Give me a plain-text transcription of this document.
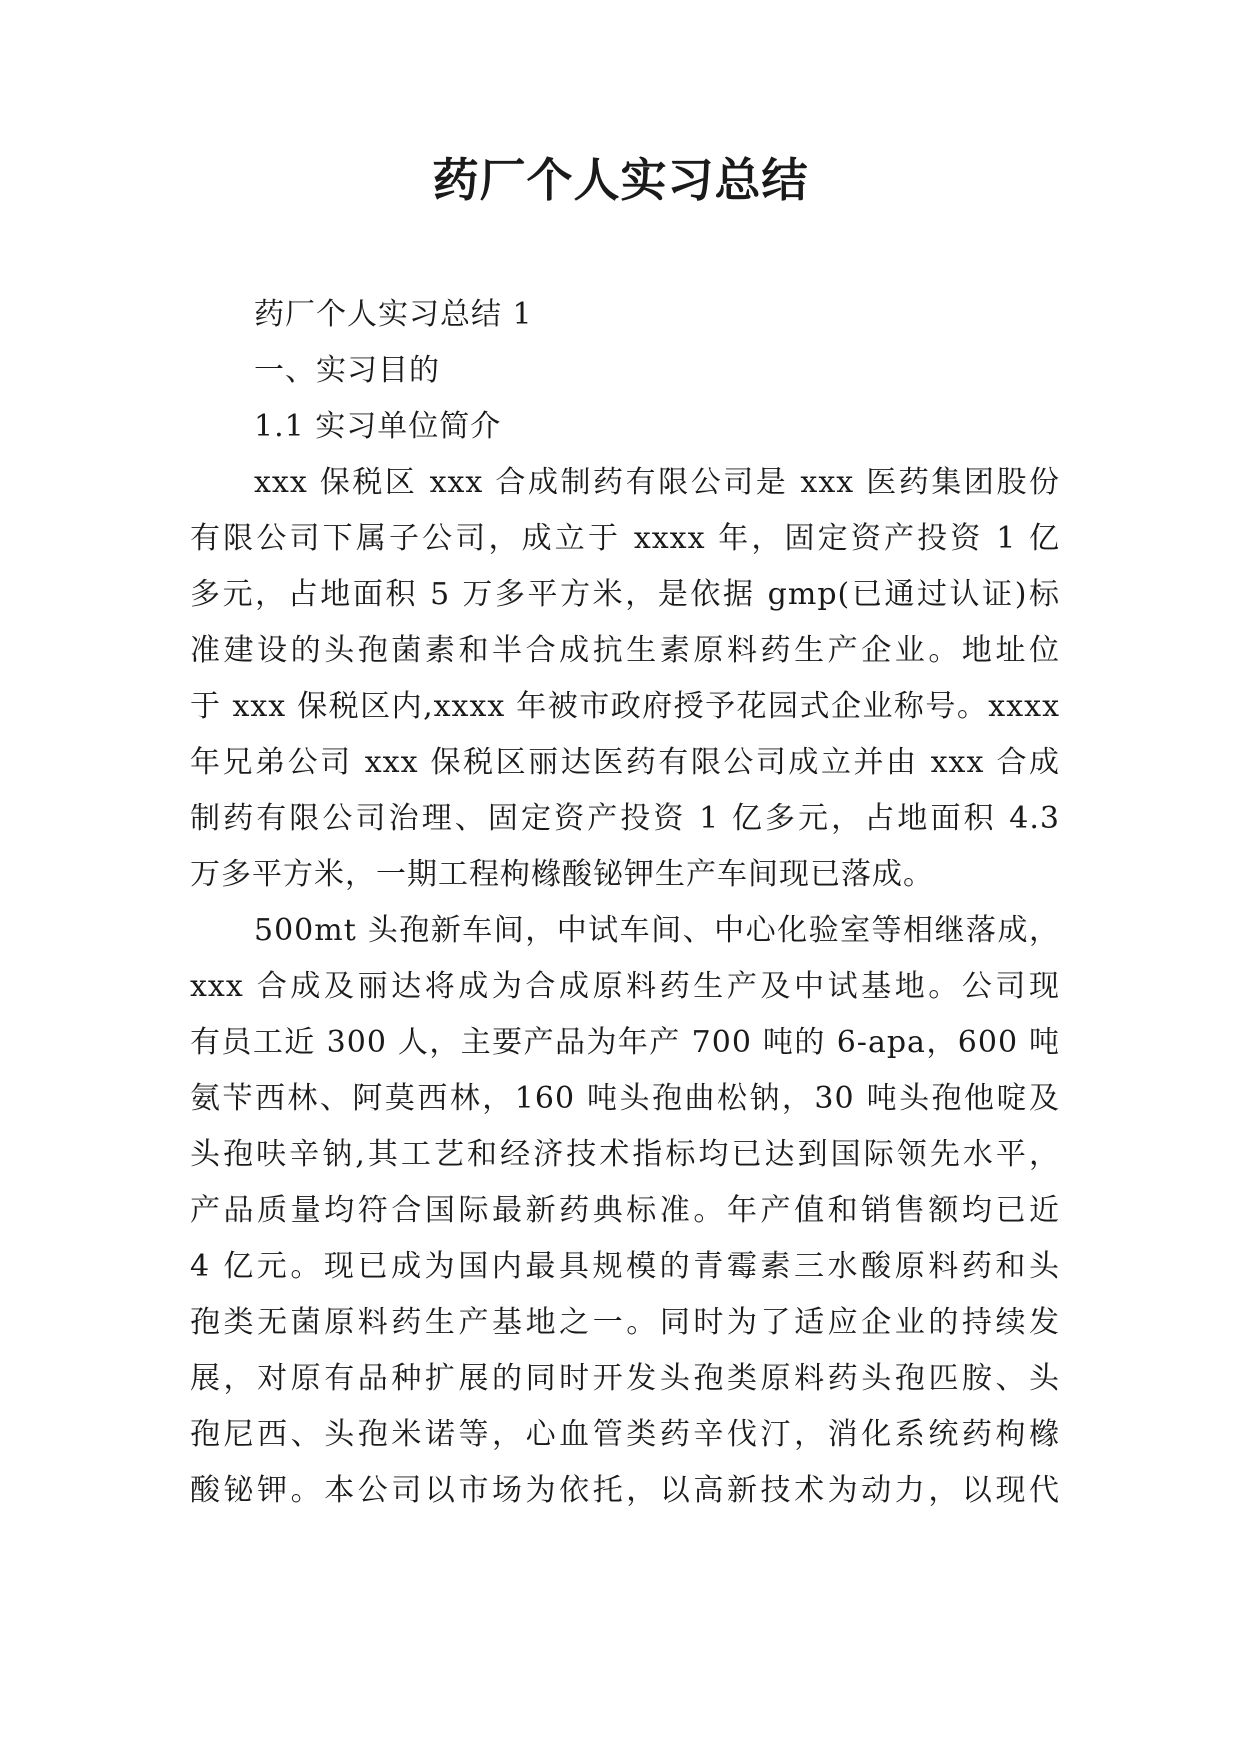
药厂个人实习总结
药厂个人实习总结 1
一、实习目的
1.1 实习单位简介
xxx 保税区 xxx 合成制药有限公司是 xxx 医药集团股份
有限公司下属子公司，成立于 xxxx 年，固定资产投资 1 亿
多元，占地面积 5 万多平方米，是依据 gmp(已通过认证)标
准建设的头孢菌素和半合成抗生素原料药生产企业。地址位
于 xxx 保税区内,xxxx 年被市政府授予花园式企业称号。xxxx
年兄弟公司 xxx 保税区丽达医药有限公司成立并由 xxx 合成
制药有限公司治理、固定资产投资 1 亿多元，占地面积 4.3
万多平方米，一期工程枸橼酸铋钾生产车间现已落成。
500mt 头孢新车间，中试车间、中心化验室等相继落成，
xxx 合成及丽达将成为合成原料药生产及中试基地。公司现
有员工近 300 人，主要产品为年产 700 吨的 6-apa，600 吨
氨苄西林、阿莫西林，160 吨头孢曲松钠，30 吨头孢他啶及
头孢呋辛钠,其工艺和经济技术指标均已达到国际领先水平，
产品质量均符合国际最新药典标准。年产值和销售额均已近
4 亿元。现已成为国内最具规模的青霉素三水酸原料药和头
孢类无菌原料药生产基地之一。同时为了适应企业的持续发
展，对原有品种扩展的同时开发头孢类原料药头孢匹胺、头
孢尼西、头孢米诺等，心血管类药辛伐汀，消化系统药枸橼
酸铋钾。本公司以市场为依托，以高新技术为动力，以现代
